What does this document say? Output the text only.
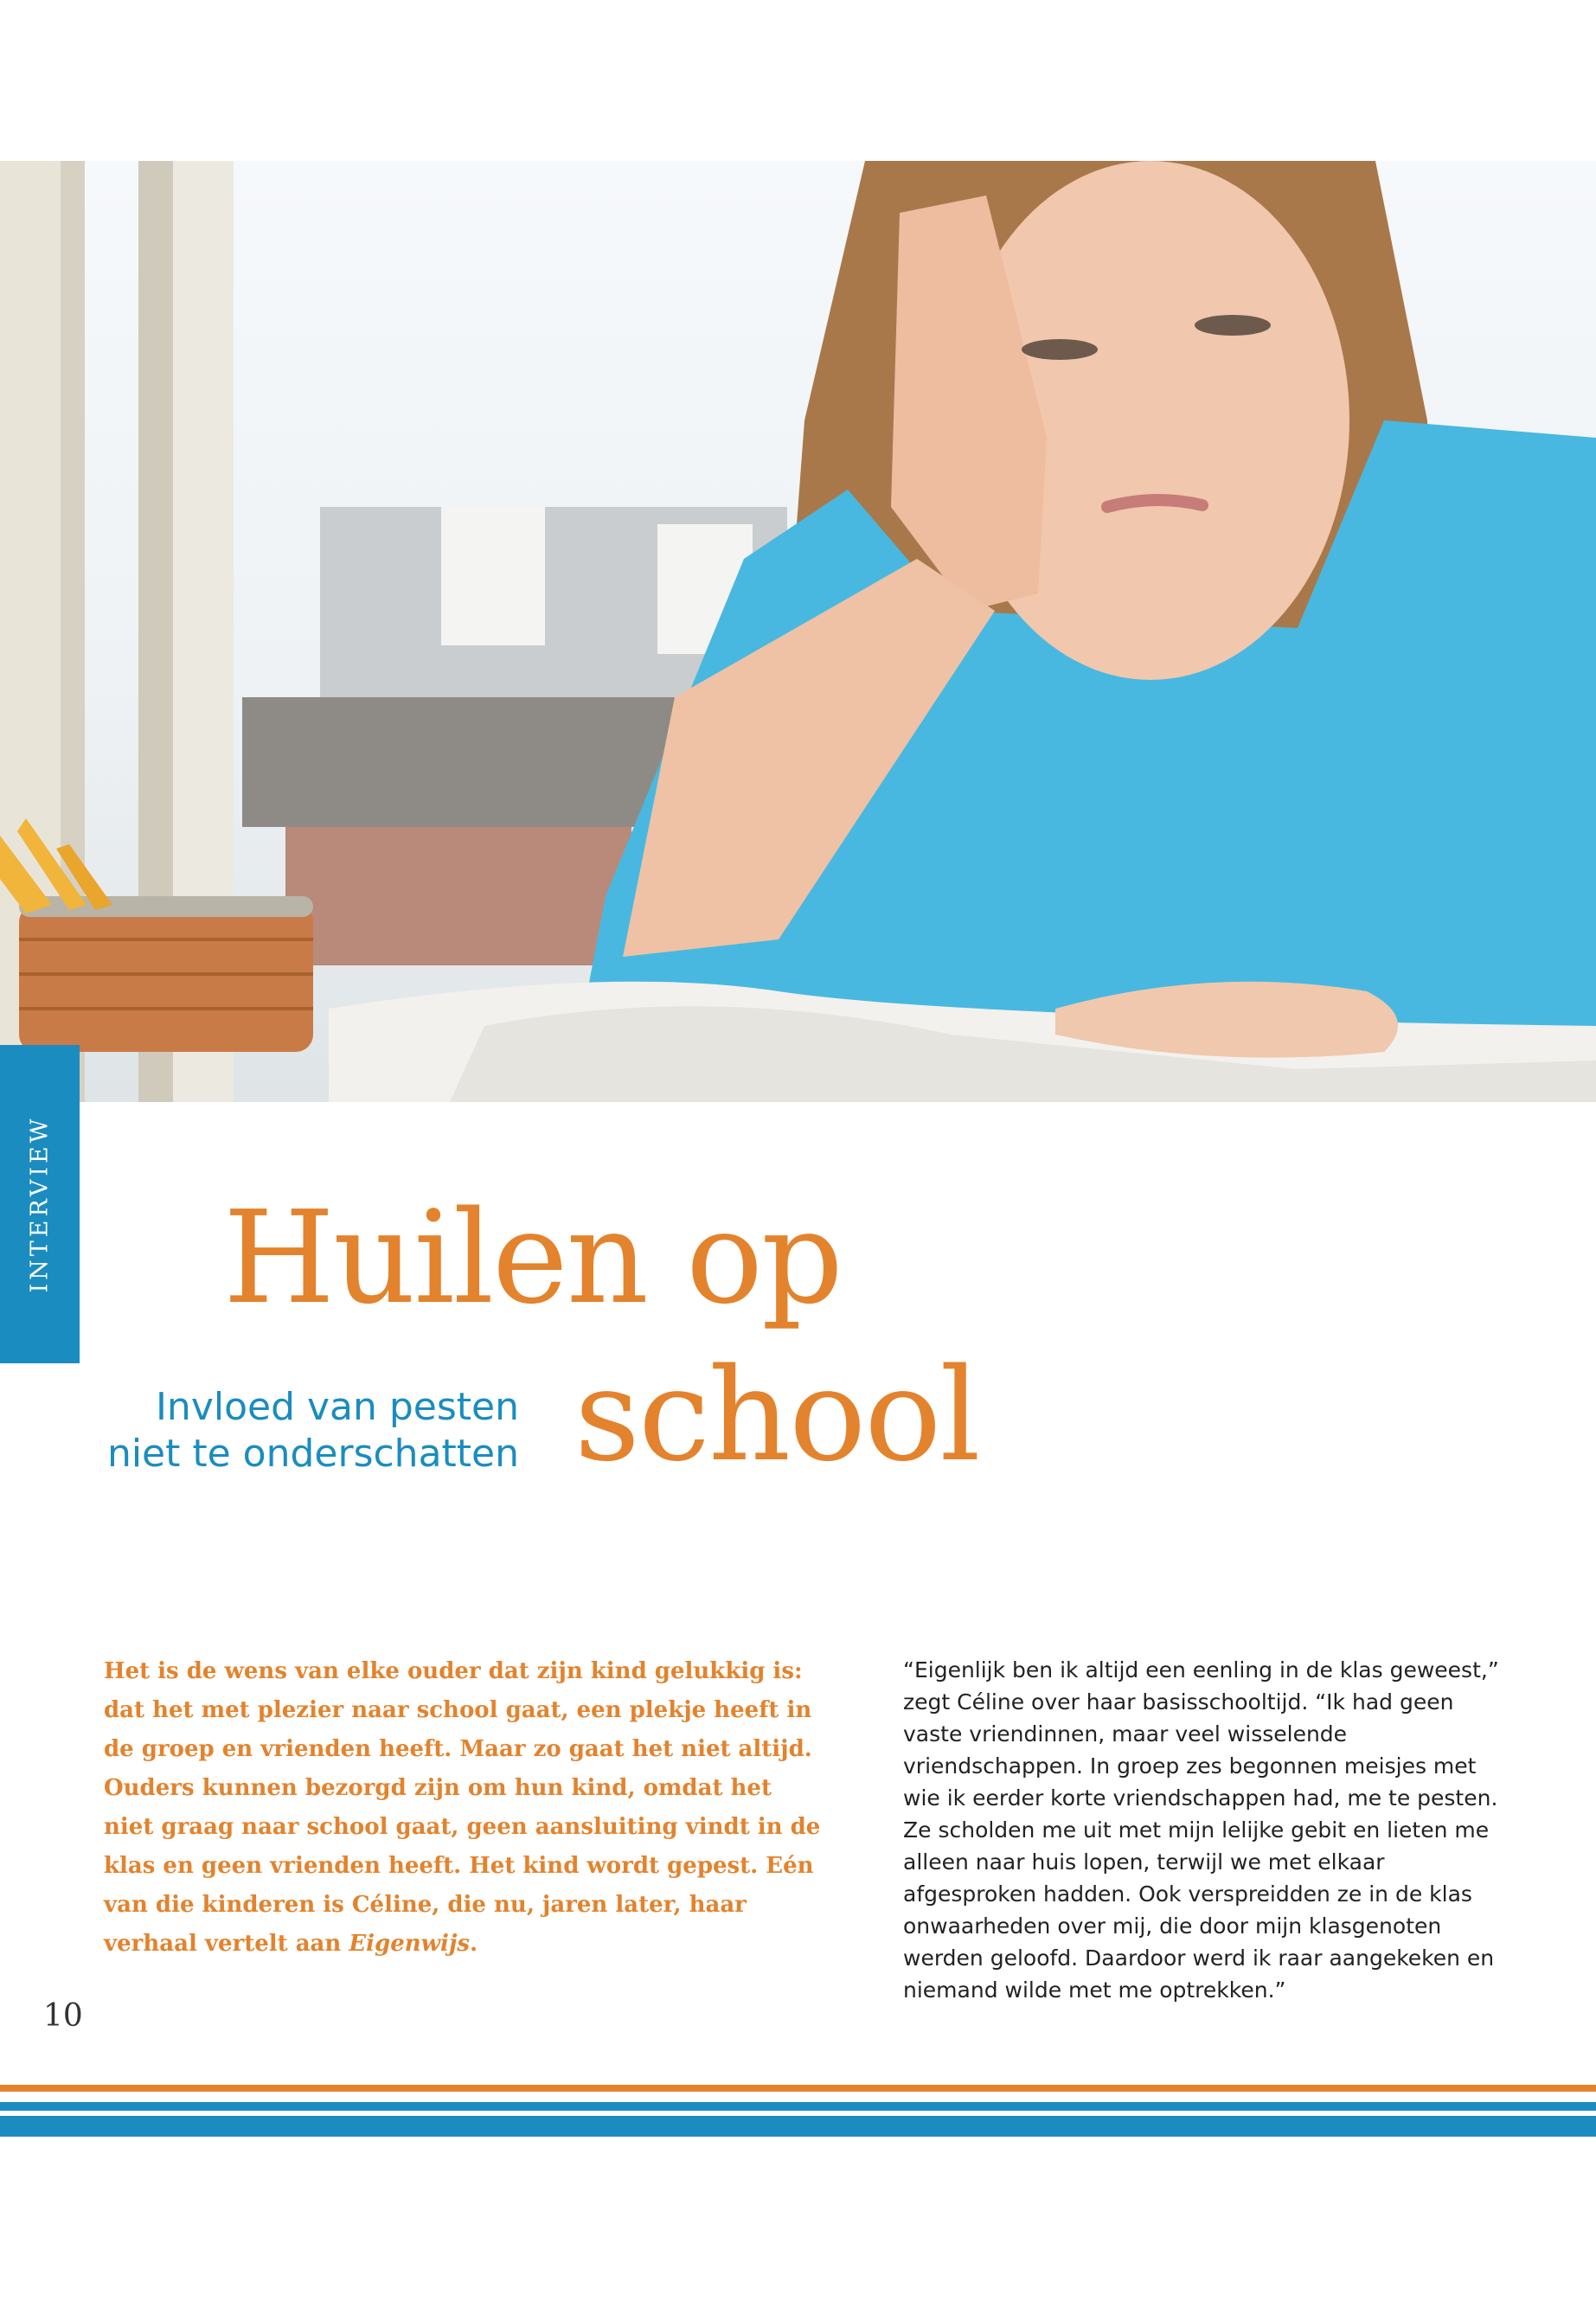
INTERVIEW Huilen op
school
Invloed van pesten
niet te onderschatten

Het is de wens van elke ouder dat zijn kind gelukkig is: dat het met plezier naar school gaat, een plekje heeft in de groep en vrienden heeft. Maar zo gaat het niet altijd. Ouders kunnen bezorgd zijn om hun kind, omdat het niet graag naar school gaat, geen aansluiting vindt in de klas en geen vrienden heeft. Het kind wordt gepest. Eén van die kinderen is Céline, die nu, jaren later, haar verhaal vertelt aan Eigenwijs.

“Eigenlijk ben ik altijd een eenling in de klas geweest,” zegt Céline over haar basisschooltijd. “Ik had geen vaste vriendinnen, maar veel wisselende vriendschappen. In groep zes begonnen meisjes met wie ik eerder korte vriendschappen had, me te pesten. Ze scholden me uit met mijn lelijke gebit en lieten me alleen naar huis lopen, terwijl we met elkaar afgesproken hadden. Ook verspreidden ze in de klas onwaarheden over mij, die door mijn klasgenoten werden geloofd. Daardoor werd ik raar aangekeken en niemand wilde met me optrekken.”

10
